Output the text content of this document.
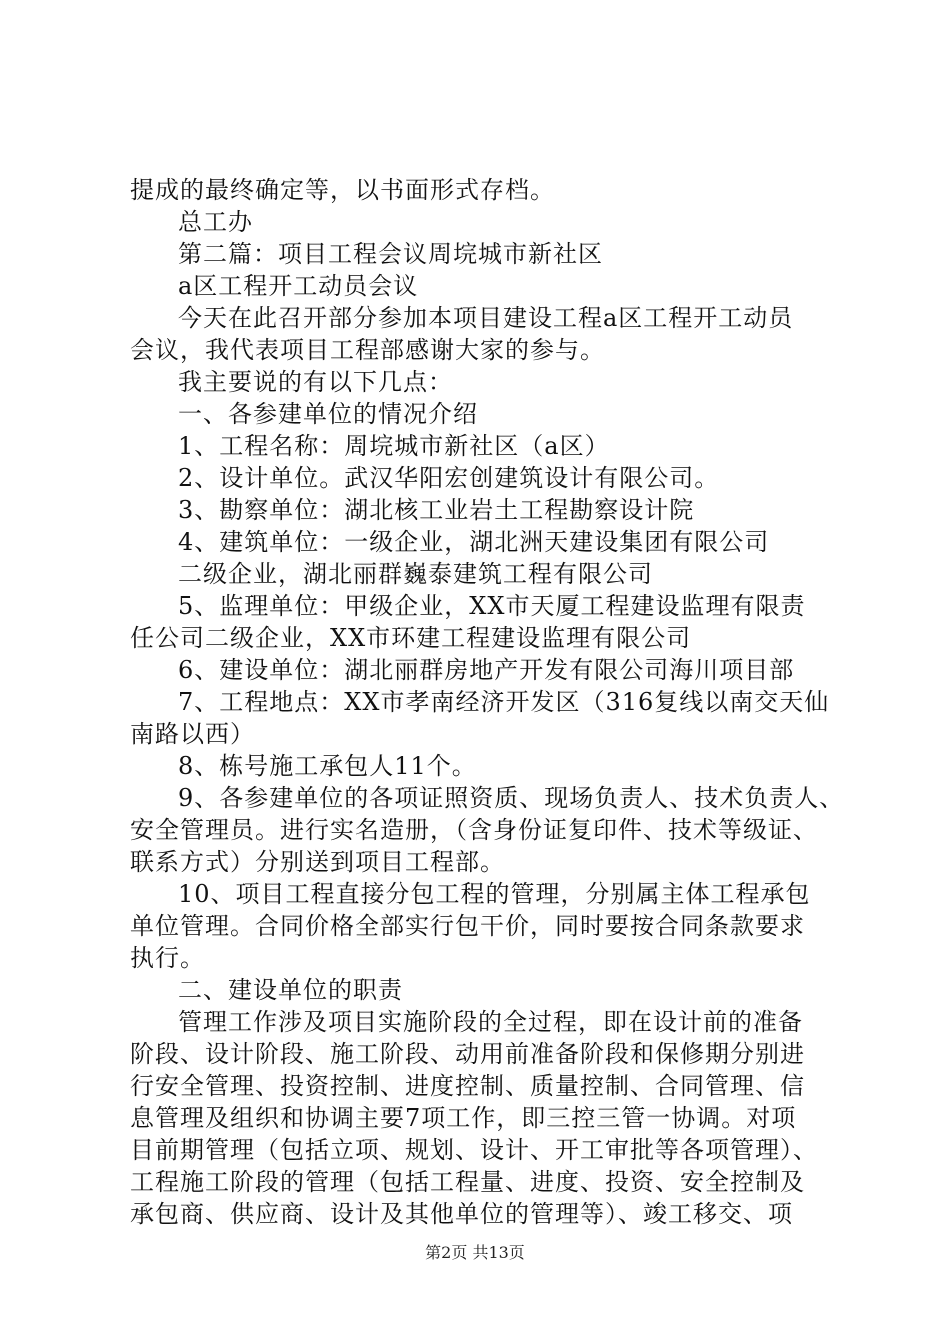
提成的最终确定等，以书面形式存档。
总工办
第二篇：项目工程会议周垸城市新社区
a区工程开工动员会议
今天在此召开部分参加本项目建设工程a区工程开工动员
会议，我代表项目工程部感谢大家的参与。
我主要说的有以下几点：
一、各参建单位的情况介绍
1、工程名称：周垸城市新社区（a区）
2、设计单位。武汉华阳宏创建筑设计有限公司。
3、勘察单位：湖北核工业岩土工程勘察设计院
4、建筑单位：一级企业，湖北洲天建设集团有限公司
二级企业，湖北丽群巍泰建筑工程有限公司
5、监理单位：甲级企业，XX市天厦工程建设监理有限责
任公司二级企业，XX市环建工程建设监理有限公司
6、建设单位：湖北丽群房地产开发有限公司海川项目部
7、工程地点：XX市孝南经济开发区（316复线以南交天仙
南路以西）
8、栋号施工承包人11个。
9、各参建单位的各项证照资质、现场负责人、技术负责人、
安全管理员。进行实名造册，（含身份证复印件、技术等级证、
联系方式）分别送到项目工程部。
10、项目工程直接分包工程的管理，分别属主体工程承包
单位管理。合同价格全部实行包干价，同时要按合同条款要求
执行。
二、建设单位的职责
管理工作涉及项目实施阶段的全过程，即在设计前的准备
阶段、设计阶段、施工阶段、动用前准备阶段和保修期分别进
行安全管理、投资控制、进度控制、质量控制、合同管理、信
息管理及组织和协调主要7项工作，即三控三管一协调。对项
目前期管理（包括立项、规划、设计、开工审批等各项管理）、
工程施工阶段的管理（包括工程量、进度、投资、安全控制及
承包商、供应商、设计及其他单位的管理等）、竣工移交、项
第2页 共13页
